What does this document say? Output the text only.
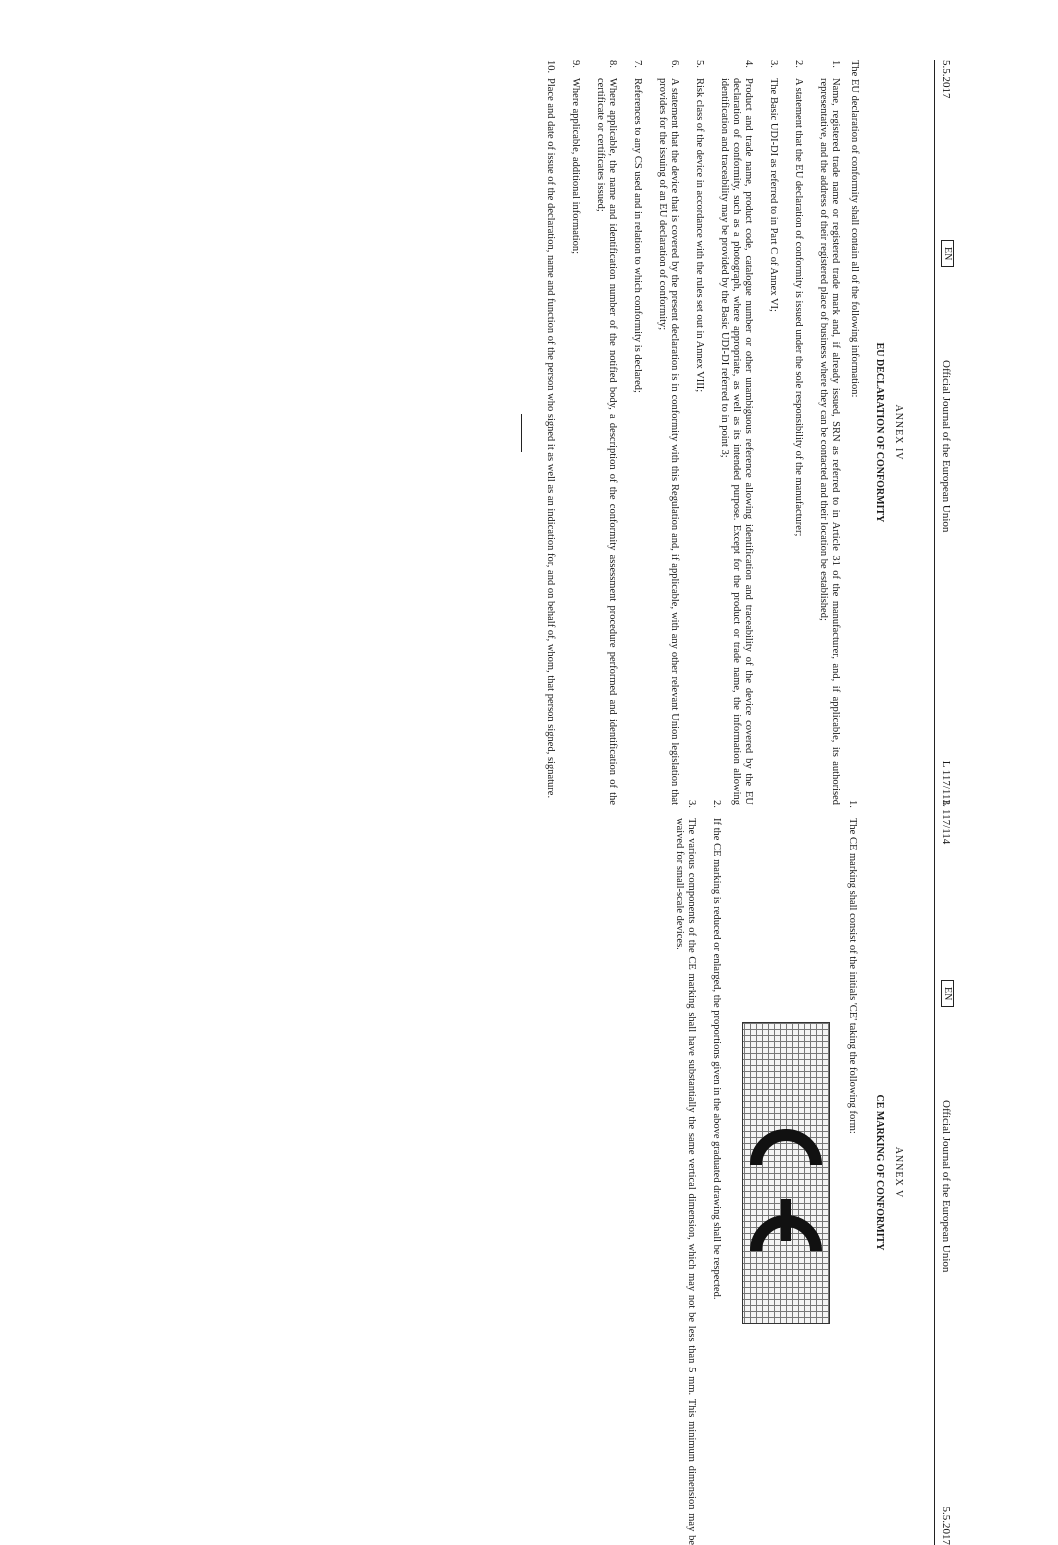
5.5.2017
EN
Official Journal of the European Union
L 117/113
ANNEX IV
EU DECLARATION OF CONFORMITY
The EU declaration of conformity shall contain all of the following information:
1.
Name, registered trade name or registered trade mark and, if already issued, SRN as referred to in Article 31 of the manufacturer, and, if applicable, its authorised representative, and the address of their registered place of business where they can be contacted and their location be established;
2.
A statement that the EU declaration of conformity is issued under the sole responsibility of the manufacturer;
3.
The Basic UDI-DI as referred to in Part C of Annex VI;
4.
Product and trade name, product code, catalogue number or other unambiguous reference allowing identification and traceability of the device covered by the EU declaration of conformity, such as a photograph, where appropriate, as well as its intended purpose. Except for the product or trade name, the information allowing identification and traceability may be provided by the Basic UDI-DI referred to in point 3;
5.
Risk class of the device in accordance with the rules set out in Annex VIII;
6.
A statement that the device that is covered by the present declaration is in conformity with this Regulation and, if applicable, with any other relevant Union legislation that provides for the issuing of an EU declaration of conformity;
7.
References to any CS used and in relation to which conformity is declared;
8.
Where applicable, the name and identification number of the notified body, a description of the conformity assessment procedure performed and identification of the certificate or certificates issued;
9.
Where applicable, additional information;
10.
Place and date of issue of the declaration, name and function of the person who signed it as well as an indication for, and on behalf of, whom, that person signed, signature.
L 117/114
EN
Official Journal of the European Union
5.5.2017
ANNEX V
CE MARKING OF CONFORMITY
1.
The CE marking shall consist of the initials 'CE' taking the following form:
2.
If the CE marking is reduced or enlarged, the proportions given in the above graduated drawing shall be respected.
3.
The various components of the CE marking shall have substantially the same vertical dimension, which may not be less than 5 mm. This minimum dimension may be waived for small-scale devices.
